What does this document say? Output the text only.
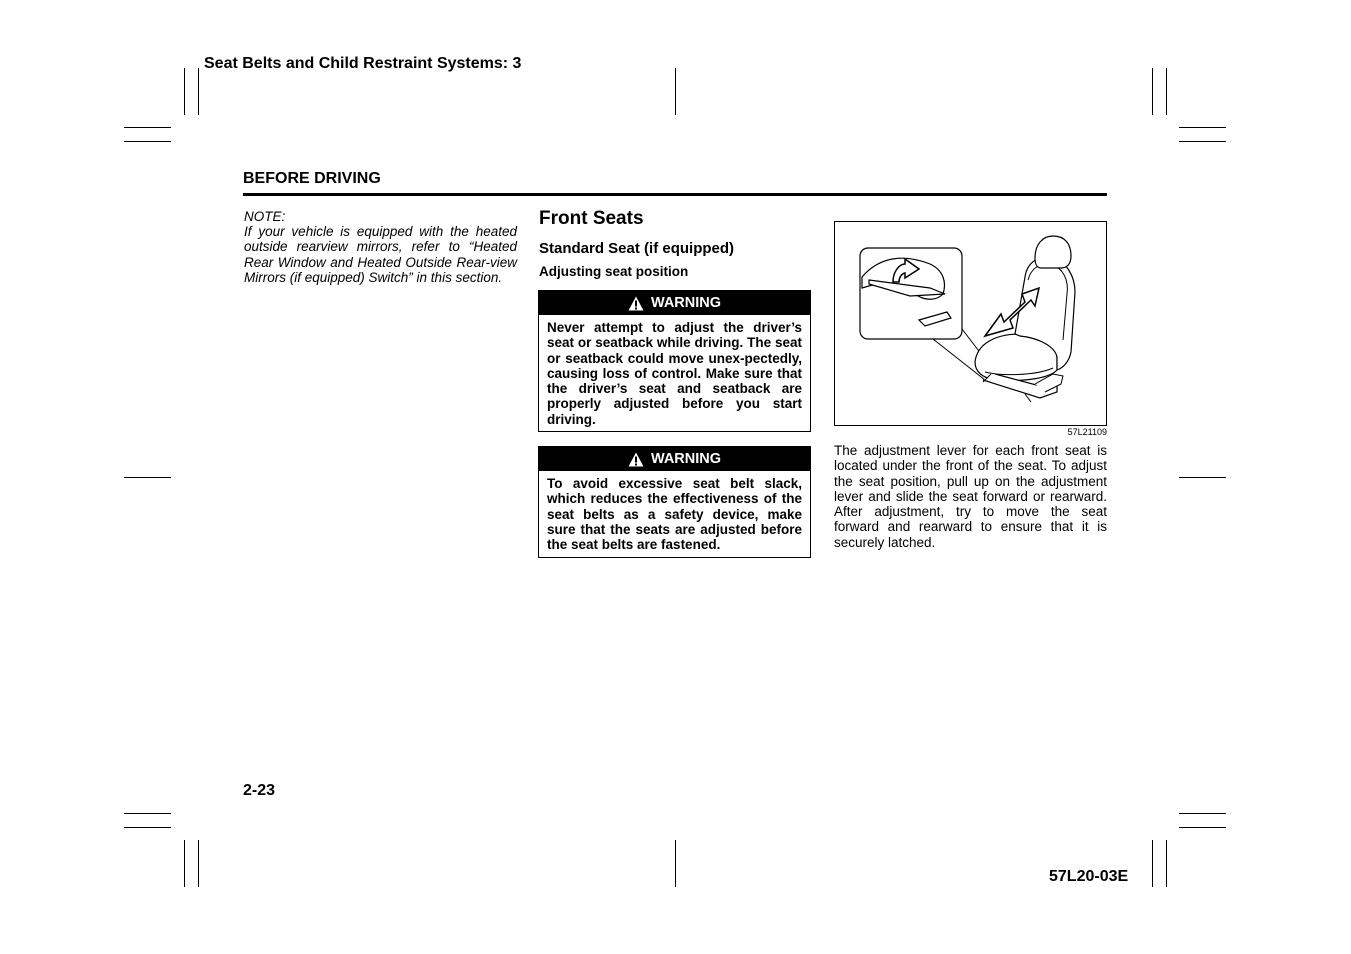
Seat Belts and Child Restraint Systems: 3
BEFORE DRIVING
NOTE:
If your vehicle is equipped with the heated outside rearview mirrors, refer to “Heated Rear Window and Heated Outside Rear-view Mirrors (if equipped) Switch” in this section.
Front Seats
Standard Seat (if equipped)
Adjusting seat position
WARNING
Never attempt to adjust the driver’s seat or seatback while driving. The seat or seatback could move unex-pectedly, causing loss of control. Make sure that the driver’s seat and seatback are properly adjusted before you start driving.
WARNING
To avoid excessive seat belt slack, which reduces the effectiveness of the seat belts as a safety device, make sure that the seats are adjusted before the seat belts are fastened.
57L21109
The adjustment lever for each front seat is located under the front of the seat. To adjust the seat position, pull up on the adjustment lever and slide the seat forward or rearward. After adjustment, try to move the seat forward and rearward to ensure that it is securely latched.
2-23
57L20-03E
